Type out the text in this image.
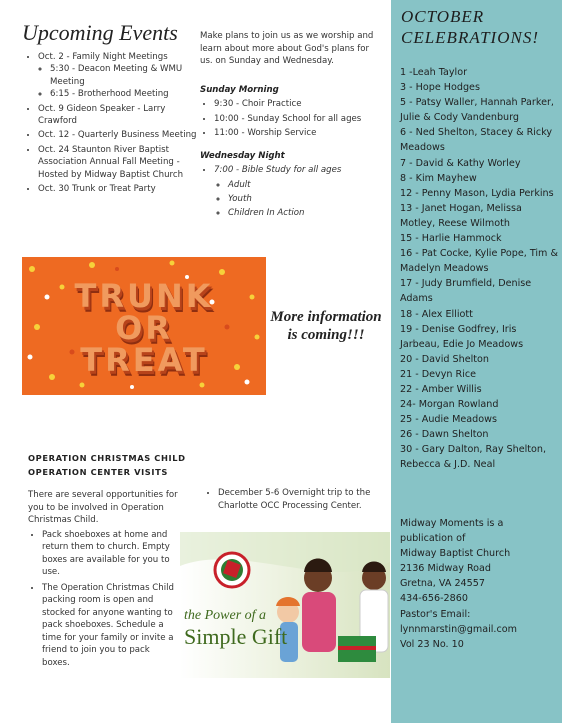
Upcoming Events
• Oct. 2 - Family Night Meetings
◦ 5:30 - Deacon Meeting & WMU Meeting
◦ 6:15 - Brotherhood Meeting
• Oct. 9 Gideon Speaker - Larry Crawford
• Oct. 12 - Quarterly Business Meeting
• Oct. 24 Staunton River Baptist Association Annual Fall Meeting - Hosted by Midway Baptist Church
• Oct. 30 Trunk or Treat Party
Make plans to join us as we worship and learn about more about God's plans for us. on Sunday and Wednesday.
Sunday Morning
• 9:30 - Choir Practice
• 10:00 - Sunday School for all ages
• 11:00 - Worship Service
Wednesday Night
• 7:00 - Bible Study for all ages
◦ Adult
◦ Youth
◦ Children In Action
TRUNK
OR
TREAT
More information is coming!!!
OPERATION CHRISTMAS CHILD
OPERATION CENTER VISITS
There are several opportunities for you to be involved in Operation Christmas Child.
• Pack shoeboxes at home and return them to church. Empty boxes are available for you to use.
• The Operation Christmas Child packing room is open and stocked for anyone wanting to pack shoeboxes. Schedule a time for your family or invite a friend to join you to pack boxes.
• December 5-6 Overnight trip to the Charlotte OCC Processing Center.
the Power of a
Simple Gift
OCTOBER CELEBRATIONS!
1 -Leah Taylor
3 - Hope Hodges
5 - Patsy Waller, Hannah Parker, Julie & Cody Vandenburg
6 - Ned Shelton, Stacey & Ricky Meadows
7 - David & Kathy Worley
8 - Kim Mayhew
12 - Penny Mason, Lydia Perkins
13 - Janet Hogan, Melissa Motley, Reese Wilmoth
15 - Harlie Hammock
16 - Pat Cocke, Kylie Pope, Tim & Madelyn Meadows
17 - Judy Brumfield, Denise Adams
18 - Alex Elliott
19 - Denise Godfrey, Iris Jarbeau, Edie Jo Meadows
20 - David Shelton
21 - Devyn Rice
22 - Amber Willis
24- Morgan Rowland
25 - Audie Meadows
26 - Dawn Shelton
30 - Gary Dalton, Ray Shelton, Rebecca & J.D. Neal
Midway Moments is a
publication of
Midway Baptist Church
2136 Midway Road
Gretna, VA 24557
434-656-2860
Pastor's Email:
lynnmarstin@gmail.com
Vol 23 No. 10
